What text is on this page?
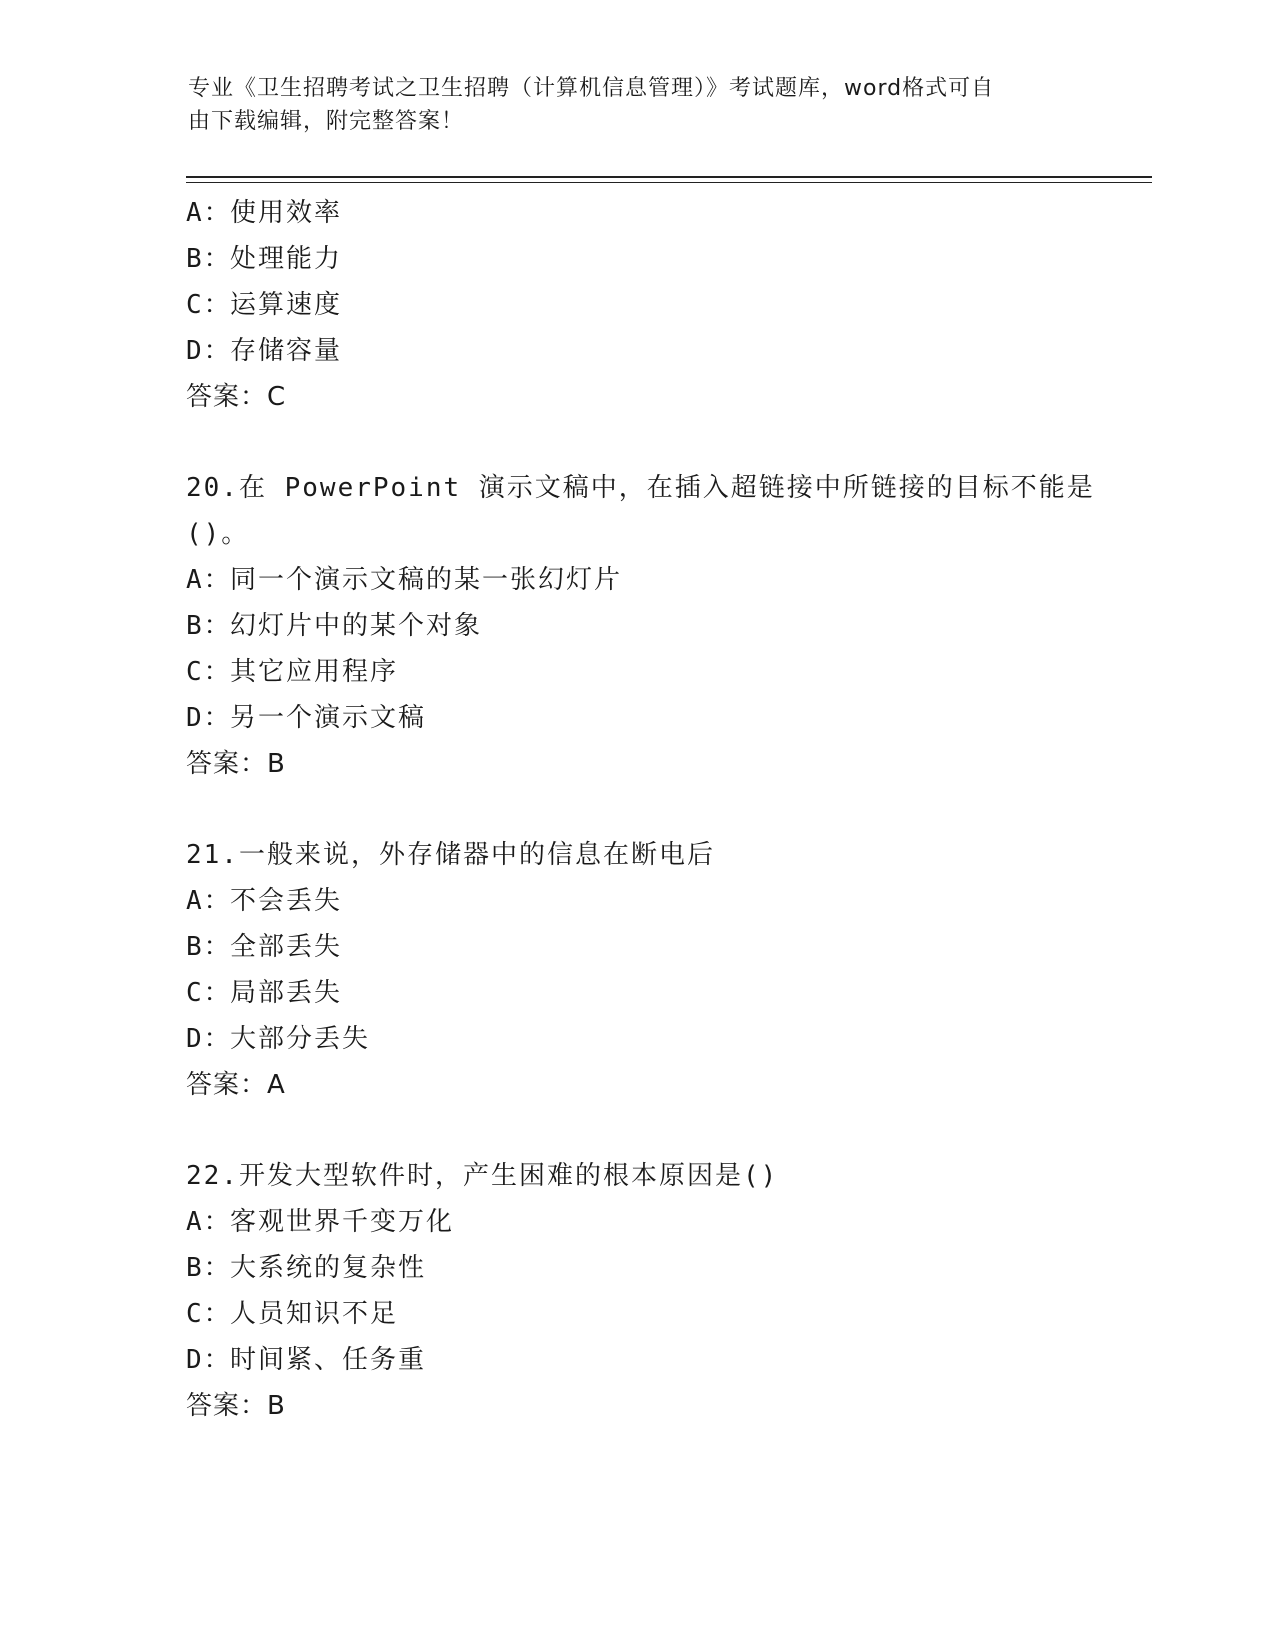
专业《卫生招聘考试之卫生招聘（计算机信息管理）》考试题库，word格式可自
由下载编辑，附完整答案！
A：使用效率
B：处理能力
C：运算速度
D：存储容量
答案：C
20.在 PowerPoint 演示文稿中，在插入超链接中所链接的目标不能是
()。
A：同一个演示文稿的某一张幻灯片
B：幻灯片中的某个对象
C：其它应用程序
D：另一个演示文稿
答案：B
21.一般来说，外存储器中的信息在断电后
A：不会丢失
B：全部丢失
C：局部丢失
D：大部分丢失
答案：A
22.开发大型软件时，产生困难的根本原因是()
A：客观世界千变万化
B：大系统的复杂性
C：人员知识不足
D：时间紧、任务重
答案：B
